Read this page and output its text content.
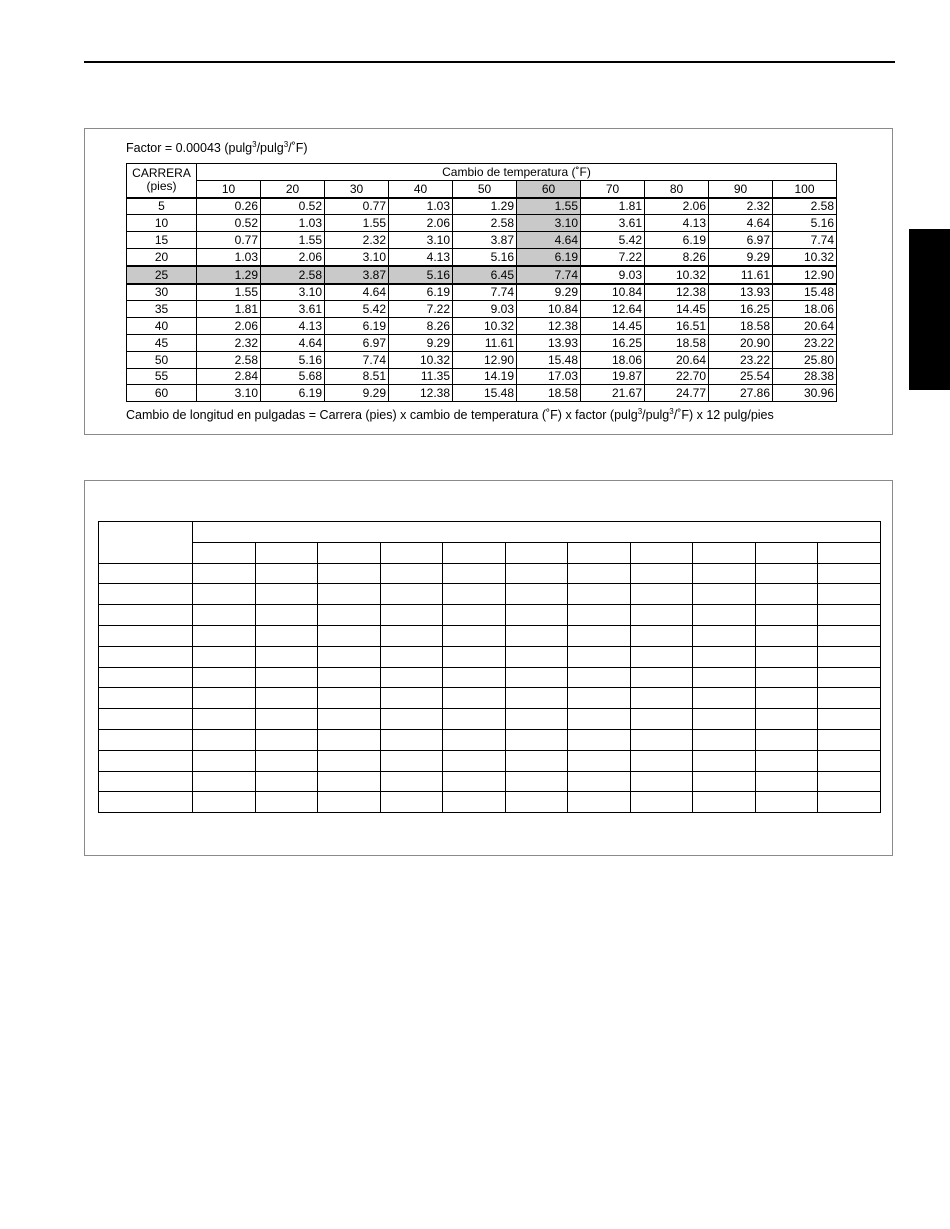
Factor = 0.00043 (pulg$^3$/pulg$^3$/˚F)
CARRERA
(pies)	Cambio de temperatura (˚F)									
	10	20	30	40	50	60	70	80	90	100
5	0.26	0.52	0.77	1.03	1.29	1.55	1.81	2.06	2.32	2.58
10	0.52	1.03	1.55	2.06	2.58	3.10	3.61	4.13	4.64	5.16
15	0.77	1.55	2.32	3.10	3.87	4.64	5.42	6.19	6.97	7.74
20	1.03	2.06	3.10	4.13	5.16	6.19	7.22	8.26	9.29	10.32
25	1.29	2.58	3.87	5.16	6.45	7.74	9.03	10.32	11.61	12.90
30	1.55	3.10	4.64	6.19	7.74	9.29	10.84	12.38	13.93	15.48
35	1.81	3.61	5.42	7.22	9.03	10.84	12.64	14.45	16.25	18.06
40	2.06	4.13	6.19	8.26	10.32	12.38	14.45	16.51	18.58	20.64
45	2.32	4.64	6.97	9.29	11.61	13.93	16.25	18.58	20.90	23.22
50	2.58	5.16	7.74	10.32	12.90	15.48	18.06	20.64	23.22	25.80
55	2.84	5.68	8.51	11.35	14.19	17.03	19.87	22.70	25.54	28.38
60	3.10	6.19	9.29	12.38	15.48	18.58	21.67	24.77	27.86	30.96
Cambio de longitud en pulgadas = Carrera (pies) x cambio de temperatura (˚F) x factor (pulg$^3$/pulg$^3$/˚F) x 12 pulg/pies
